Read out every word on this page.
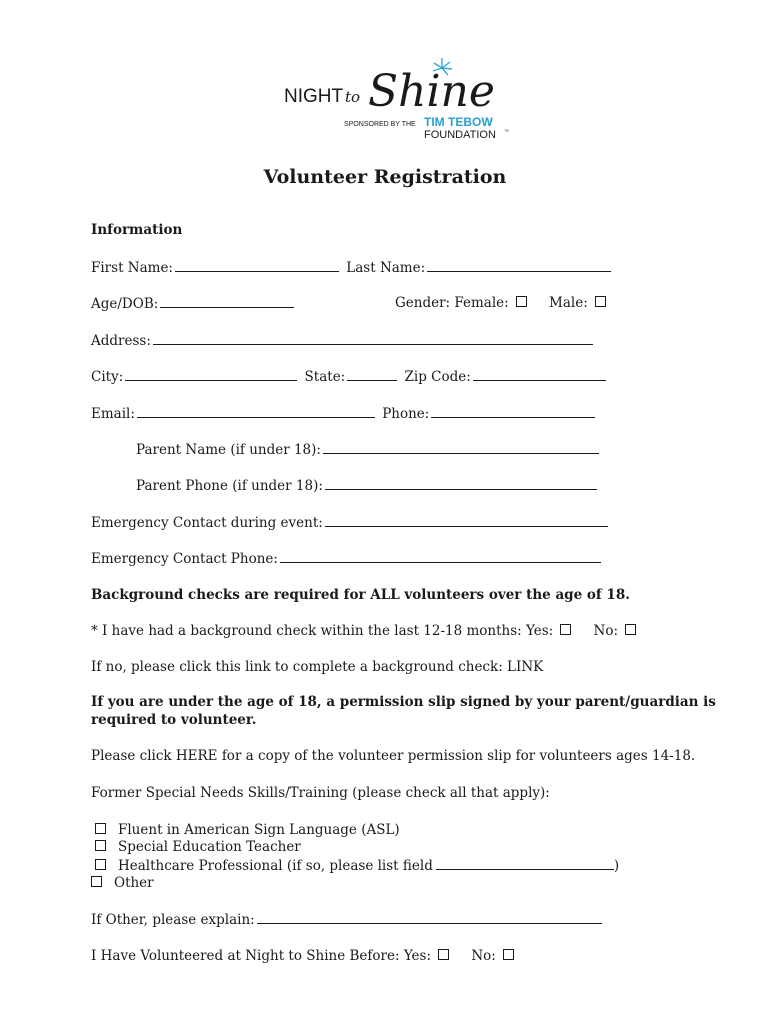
NIGHT to Shine
SPONSORED BY THE TIM TEBOW
FOUNDATION ™
Volunteer Registration
Information
First Name:	Last Name:
Age/DOB:	Gender: Female:	Male:
Address:
City:	State:	Zip Code:
Email:	Phone:
Parent Name (if under 18):
Parent Phone (if under 18):
Emergency Contact during event:
Emergency Contact Phone:
Background checks are required for ALL volunteers over the age of 18.
* I have had a background check within the last 12-18 months: Yes:	No:
If no, please click this link to complete a background check: LINK
If you are under the age of 18, a permission slip signed by your parent/guardian is
required to volunteer.
Please click HERE for a copy of the volunteer permission slip for volunteers ages 14-18.
Former Special Needs Skills/Training (please check all that apply):
Fluent in American Sign Language (ASL)
Special Education Teacher
Healthcare Professional (if so, please list field	)
Other
If Other, please explain:
I Have Volunteered at Night to Shine Before: Yes:	No:
